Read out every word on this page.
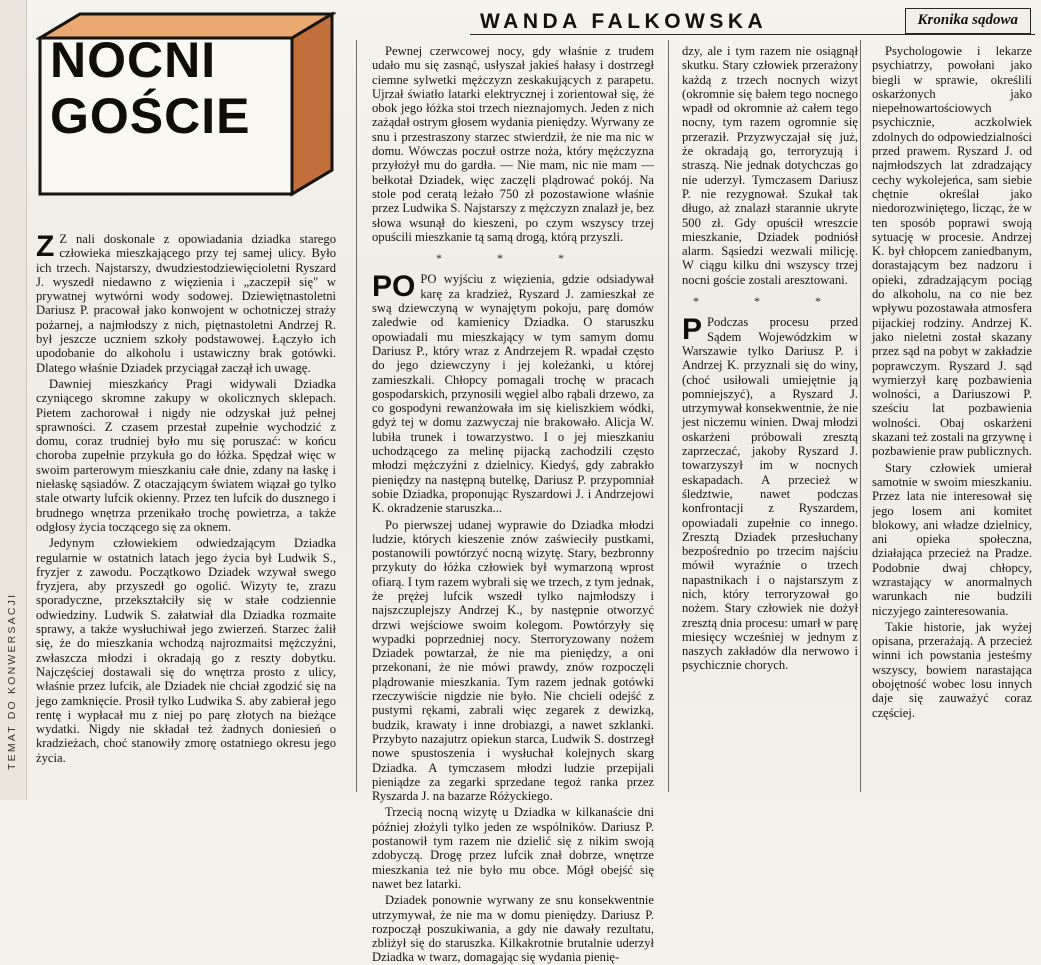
TEMAT DO KONWERSACJI
WANDA FALKOWSKA	Kronika sądowa
NOCNI
GOŚCIE

Z Z nali doskonale z opowiadania dziadka starego człowieka mieszkającego przy tej samej ulicy. Było ich trzech. Najstarszy, dwudziestodziewięcioletni Ryszard J. wyszedł niedawno z więzienia i „zaczepił się" w prywatnej wytwórni wody sodowej. Dziewiętnastoletni Dariusz P. pracował jako konwojent w ochotniczej straży pożarnej, a najmłodszy z nich, piętnastoletni Andrzej R. był jeszcze uczniem szkoły podstawowej. Łączyło ich upodobanie do alkoholu i ustawiczny brak gotówki. Dlatego właśnie Dziadek przyciągał zaczął ich uwagę.

Dawniej mieszkańcy Pragi widywali Dziadka czyniącego skromne zakupy w okolicznych sklepach. Pietem zachorował i nigdy nie odzyskał już pełnej sprawności. Z czasem przestał zupełnie wychodzić z domu, coraz trudniej było mu się poruszać: w końcu choroba zupełnie przykuła go do łóżka. Spędzał więc w swoim parterowym mieszkaniu całe dnie, zdany na łaskę i niełaskę sąsiadów. Z otaczającym światem wiązał go tylko stale otwarty lufcik okienny. Przez ten lufcik do dusznego i brudnego wnętrza przenikało trochę powietrza, a także odgłosy życia toczącego się za oknem.

Jedynym człowiekiem odwiedzającym Dziadka regularnie w ostatnich latach jego życia był Ludwik S., fryzjer z zawodu. Początkowo Dziadek wzywał swego fryzjera, aby przyszedł go ogolić. Wizyty te, zrazu sporadyczne, przekształciły się w stałe codziennie odwiedziny. Ludwik S. załatwiał dla Dziadka rozmaite sprawy, a także wysłuchiwał jego zwierzeń. Starzec żalił się, że do mieszkania wchodzą najrozmaitsi mężczyźni, zwłaszcza młodzi i okradają go z reszty dobytku. Najczęściej dostawali się do wnętrza prosto z ulicy, właśnie przez lufcik, ale Dziadek nie chciał zgodzić się na jego zamknięcie. Prosił tylko Ludwika S. aby zabierał jego rentę i wypłacał mu z niej po parę złotych na bieżące wydatki. Nigdy nie składał też żadnych doniesień o kradzieżach, choć stanowiły zmorę ostatniego okresu jego życia.

Pewnej czerwcowej nocy, gdy właśnie z trudem udało mu się zasnąć, usłyszał jakieś hałasy i dostrzegł ciemne sylwetki mężczyzn zeskakujących z parapetu. Ujrzał światło latarki elektrycznej i zorientował się, że obok jego łóżka stoi trzech nieznajomych. Jeden z nich zażądał ostrym głosem wydania pieniędzy. Wyrwany ze snu i przestraszony starzec stwierdził, że nie ma nic w domu. Wówczas poczuł ostrze noża, który mężczyzna przyłożył mu do gardła. — Nie mam, nic nie mam — bełkotał Dziadek, więc zaczęli plądrować pokój. Na stole pod ceratą leżało 750 zł pozostawione właśnie przez Ludwika S. Najstarszy z mężczyzn znalazł je, bez słowa wsunął do kieszeni, po czym wszyscy trzej opuścili mieszkanie tą samą drogą, którą przyszli.

* * *

PO PO wyjściu z więzienia, gdzie odsiadywał karę za kradzież, Ryszard J. zamieszkał ze swą dziewczyną w wynajętym pokoju, parę domów zaledwie od kamienicy Dziadka. O staruszku opowiadali mu mieszkający w tym samym domu Dariusz P., który wraz z Andrzejem R. wpadał często do jego dziewczyny i jej koleżanki, u której zamieszkali. Chłopcy pomagali trochę w pracach gospodarskich, przynosili węgiel albo rąbali drzewo, za co gospodyni rewanżowała im się kieliszkiem wódki, gdyż tej w domu zazwyczaj nie brakowało. Alicja W. lubiła trunek i towarzystwo. I o jej mieszkaniu uchodzącego za melinę pijacką zachodzili często młodzi mężczyźni z dzielnicy. Kiedyś, gdy zabrakło pieniędzy na następną butelkę, Dariusz P. przypomniał sobie Dziadka, proponując Ryszardowi J. i Andrzejowi K. okradzenie staruszka...

Po pierwszej udanej wyprawie do Dziadka młodzi ludzie, których kieszenie znów zaświeciły pustkami, postanowili powtórzyć nocną wizytę. Stary, bezbronny przykuty do łóżka człowiek był wymarzoną wprost ofiarą. I tym razem wybrali się we trzech, z tym jednak, że prężej lufcik wszedł tylko najmłodszy i najszczuplejszy Andrzej K., by następnie otworzyć drzwi wejściowe swoim kolegom. Powtórzyły się wypadki poprzedniej nocy. Sterroryzowany nożem Dziadek powtarzał, że nie ma pieniędzy, a oni przekonani, że nie mówi prawdy, znów rozpoczęli plądrowanie mieszkania. Tym razem jednak gotówki rzeczywiście nigdzie nie było. Nie chcieli odejść z pustymi rękami, zabrali więc zegarek z dewizką, budzik, krawaty i inne drobiazgi, a nawet szklanki. Przybyto nazajutrz opiekun starca, Ludwik S. dostrzegł nowe spustoszenia i wysłuchał kolejnych skarg Dziadka. A tymczasem młodzi ludzie przepijali pieniądze za zegarki sprzedane tegoż ranka przez Ryszarda J. na bazarze Różyckiego.

Trzecią nocną wizytę u Dziadka w kilkanaście dni później złożyli tylko jeden ze wspólników. Dariusz P. postanowił tym razem nie dzielić się z nikim swoją zdobyczą. Drogę przez lufcik znał dobrze, wnętrze mieszkania też nie było mu obce. Mógł obejść się nawet bez latarki.

Dziadek ponownie wyrwany ze snu konsekwentnie utrzymywał, że nie ma w domu pieniędzy. Dariusz P. rozpoczął poszukiwania, a gdy nie dawały rezultatu, zbliżył się do staruszka. Kilkakrotnie brutalnie uderzył Dziadka w twarz, domagając się wydania pienię-

dzy, ale i tym razem nie osiągnął skutku. Stary człowiek przerażony każdą z trzech nocnych wizyt (okromnie się bałem tego nocnego wpadł od okromnie aż całem tego nocny, tym razem ogromnie się przeraził. Przyzwyczajał się już, że okradają go, terroryzują i straszą. Nie jednak dotychczas go nie uderzył. Tymczasem Dariusz P. nie rezygnował. Szukał tak długo, aż znalazł starannie ukryte 500 zł. Gdy opuścił wreszcie mieszkanie, Dziadek podniósł alarm. Sąsiedzi wezwali milicję. W ciągu kilku dni wszyscy trzej nocni goście zostali aresztowani.

* * *

P Podczas procesu przed Sądem Wojewódzkim w Warszawie tylko Dariusz P. i Andrzej K. przyznali się do winy, (choć usiłowali umiejętnie ją pomniejszyć), a Ryszard J. utrzymywał konsekwentnie, że nie jest niczemu winien. Dwaj młodzi oskarżeni próbowali zresztą zaprzeczać, jakoby Ryszard J. towarzyszył im w nocnych eskapadach. A przecież w śledztwie, nawet podczas konfrontacji z Ryszardem, opowiadali zupełnie co innego. Zresztą Dziadek przesłuchany bezpośrednio po trzecim najściu mówił wyraźnie o trzech napastnikach i o najstarszym z nich, który terroryzował go nożem. Stary człowiek nie dożył zresztą dnia procesu: umarł w parę miesięcy wcześniej w jednym z naszych zakładów dla nerwowo i psychicznie chorych.

Psychologowie i lekarze psychiatrzy, powołani jako biegli w sprawie, określili oskarżonych jako niepełnowartościowych psychicznie, aczkolwiek zdolnych do odpowiedzialności przed prawem. Ryszard J. od najmłodszych lat zdradzający cechy wykolejeńca, sam siebie chętnie określał jako niedorozwiniętego, licząc, że w ten sposób poprawi swoją sytuację w procesie. Andrzej K. był chłopcem zaniedbanym, dorastającym bez nadzoru i opieki, zdradzającym pociąg do alkoholu, na co nie bez wpływu pozostawała atmosfera pijackiej rodziny. Andrzej K. jako nieletni został skazany przez sąd na pobyt w zakładzie poprawczym. Ryszard J. sąd wymierzył karę pozbawienia wolności, a Dariuszowi P. sześciu lat pozbawienia wolności. Obaj oskarżeni skazani też zostali na grzywnę i pozbawienie praw publicznych.

Stary człowiek umierał samotnie w swoim mieszkaniu. Przez lata nie interesował się jego losem ani komitet blokowy, ani władze dzielnicy, ani opieka społeczna, działająca przecież na Pradze. Podobnie dwaj chłopcy, wzrastający w anormalnych warunkach nie budzili niczyjego zainteresowania.

Takie historie, jak wyżej opisana, przerażają. A przecież winni ich powstania jesteśmy wszyscy, bowiem narastająca obojętność wobec losu innych daje się zauważyć coraz częściej.
